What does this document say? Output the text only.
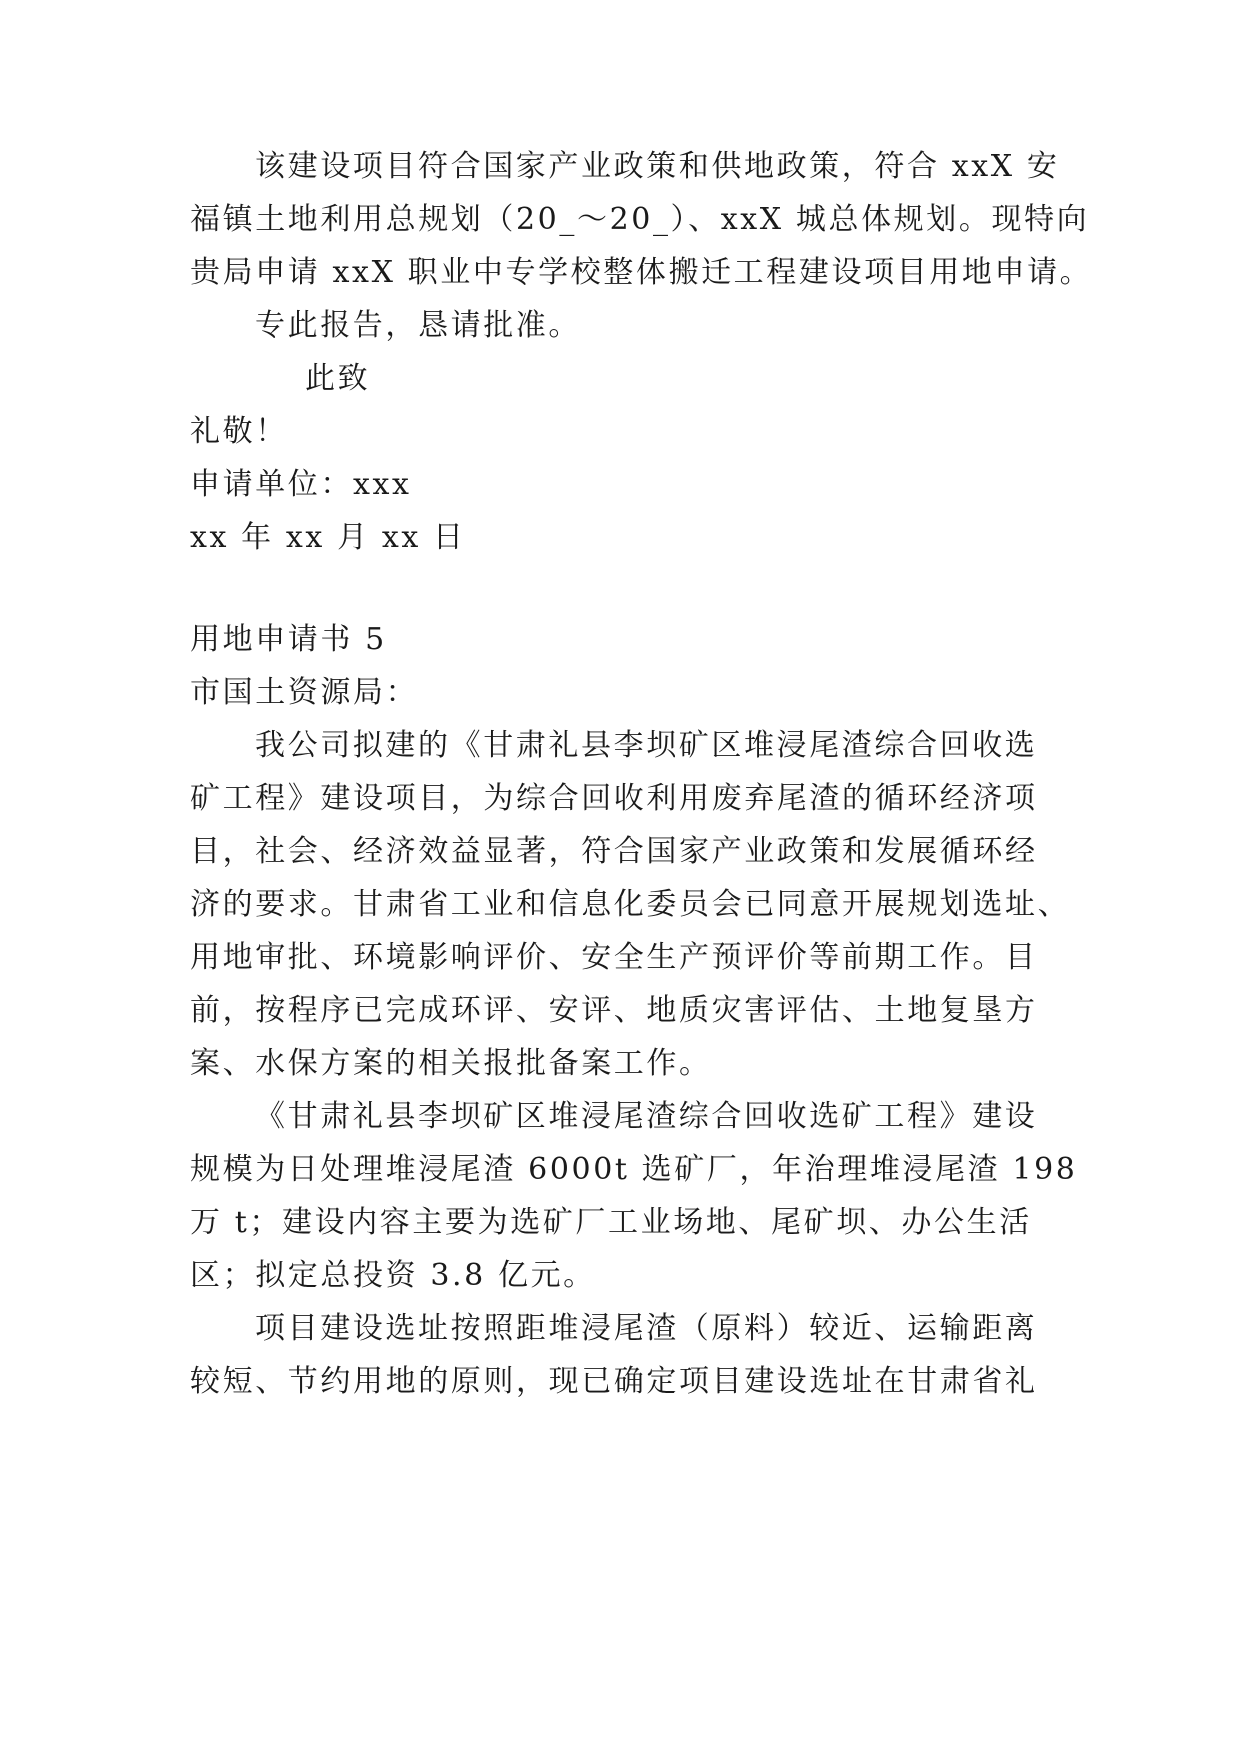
该建设项目符合国家产业政策和供地政策，符合 xxX 安
福镇土地利用总规划（20_～20_）、xxX 城总体规划。现特向
贵局申请 xxX 职业中专学校整体搬迁工程建设项目用地申请。
专此报告，恳请批准。
此致
礼敬！
申请单位：xxx
xx 年 xx 月 xx 日
用地申请书 5
市国土资源局：
我公司拟建的《甘肃礼县李坝矿区堆浸尾渣综合回收选
矿工程》建设项目，为综合回收利用废弃尾渣的循环经济项
目，社会、经济效益显著，符合国家产业政策和发展循环经
济的要求。甘肃省工业和信息化委员会已同意开展规划选址、
用地审批、环境影响评价、安全生产预评价等前期工作。目
前，按程序已完成环评、安评、地质灾害评估、土地复垦方
案、水保方案的相关报批备案工作。
《甘肃礼县李坝矿区堆浸尾渣综合回收选矿工程》建设
规模为日处理堆浸尾渣 6000t 选矿厂，年治理堆浸尾渣 198
万 t；建设内容主要为选矿厂工业场地、尾矿坝、办公生活
区；拟定总投资 3.8 亿元。
项目建设选址按照距堆浸尾渣（原料）较近、运输距离
较短、节约用地的原则，现已确定项目建设选址在甘肃省礼
